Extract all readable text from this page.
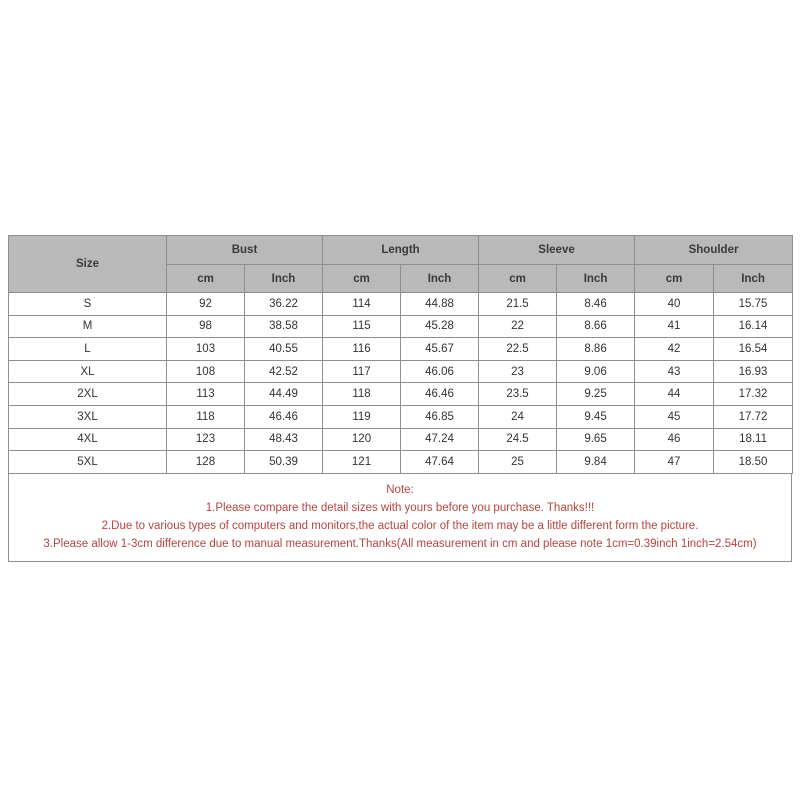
Size	Bust		Length		Sleeve		Shoulder	
	cm	Inch	cm	Inch	cm	Inch	cm	Inch
S	92	36.22	114	44.88	21.5	8.46	40	15.75
M	98	38.58	115	45.28	22	8.66	41	16.14
L	103	40.55	116	45.67	22.5	8.86	42	16.54
XL	108	42.52	117	46.06	23	9.06	43	16.93
2XL	113	44.49	118	46.46	23.5	9.25	44	17.32
3XL	118	46.46	119	46.85	24	9.45	45	17.72
4XL	123	48.43	120	47.24	24.5	9.65	46	18.11
5XL	128	50.39	121	47.64	25	9.84	47	18.50
Note:
1.Please compare the detail sizes with yours before you purchase. Thanks!!!
2.Due to various types of computers and monitors,the actual color of the item may be a little different form the picture.
3.Please allow 1-3cm difference due to manual measurement.Thanks(All measurement in cm and please note 1cm=0.39inch 1inch=2.54cm)
